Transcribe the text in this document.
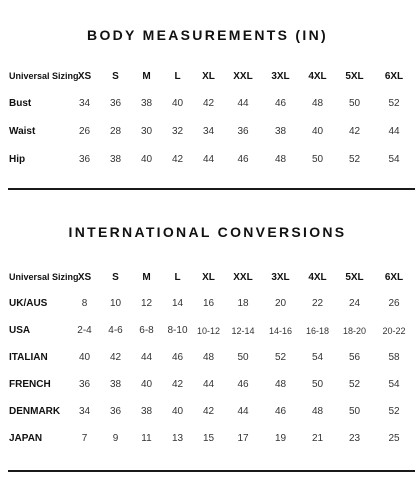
BODY MEASUREMENTS (IN)
Universal Sizing	XS	S	M	L	XL	XXL	3XL	4XL	5XL	6XL
Bust	34	36	38	40	42	44	46	48	50	52
Waist	26	28	30	32	34	36	38	40	42	44
Hip	36	38	40	42	44	46	48	50	52	54
INTERNATIONAL CONVERSIONS
Universal Sizing	XS	S	M	L	XL	XXL	3XL	4XL	5XL	6XL
UK/AUS	8	10	12	14	16	18	20	22	24	26
USA	2-4	4-6	6-8	8-10	10-12	12-14	14-16	16-18	18-20	20-22
ITALIAN	40	42	44	46	48	50	52	54	56	58
FRENCH	36	38	40	42	44	46	48	50	52	54
DENMARK	34	36	38	40	42	44	46	48	50	52
JAPAN	7	9	11	13	15	17	19	21	23	25
